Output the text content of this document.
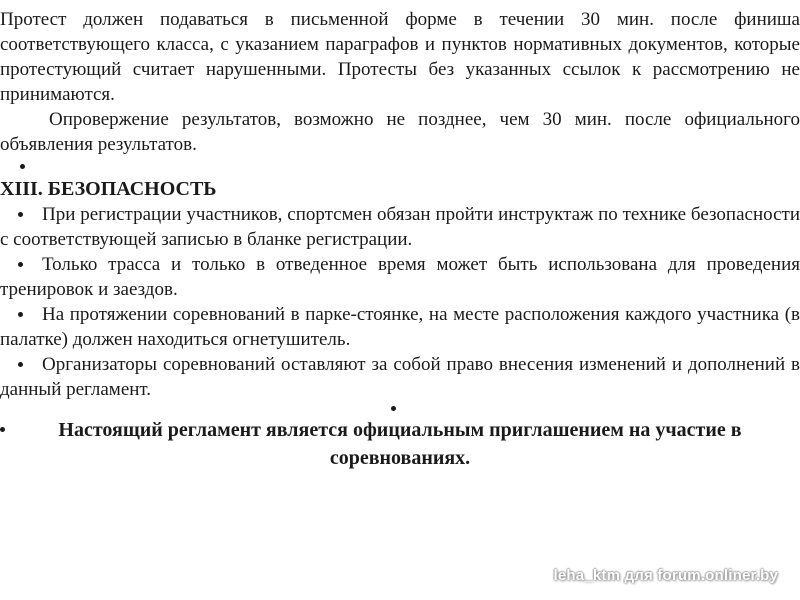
Протест должен подаваться в письменной форме в течении 30 мин. после финиша соответствующего класса, с указанием параграфов и пунктов нормативных документов, которые протестующий считает нарушенными. Протесты без указанных ссылок к рассмотрению не принимаются.

Опровержение результатов, возможно не позднее, чем 30 мин. после официального объявления результатов.

XIII. БЕЗОПАСНОСТЬ

При регистрации участников, спортсмен обязан пройти инструктаж по технике безопасности с соответствующей записью в бланке регистрации.

Только трасса и только в отведенное время может быть использована для проведения тренировок и заездов.

На протяжении соревнований в парке-стоянке, на месте расположения каждого участника (в палатке) должен находиться огнетушитель.

Организаторы соревнований оставляют за собой право внесения изменений и дополнений в данный регламент.

Настоящий регламент является официальным приглашением на участие в соревнованиях.

leha_ktm для forum.onliner.by
